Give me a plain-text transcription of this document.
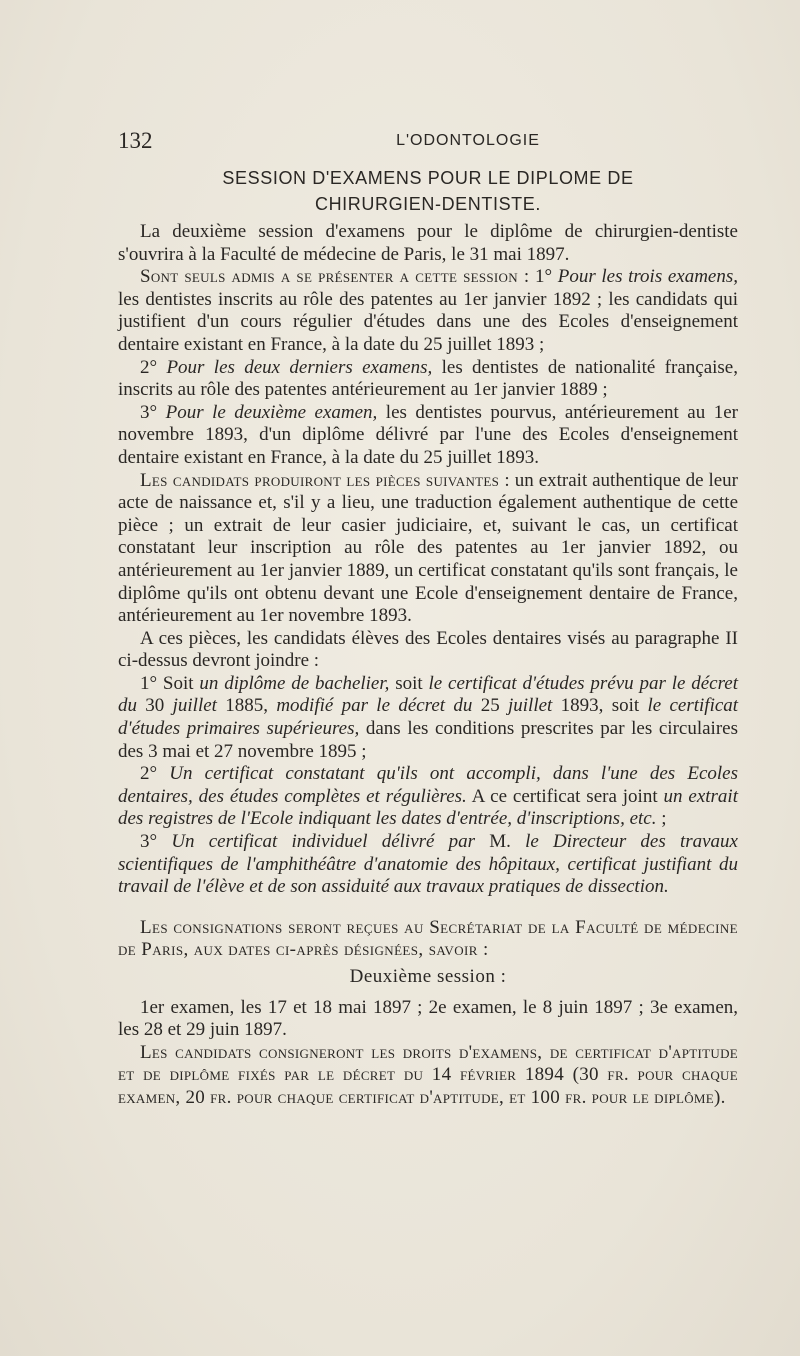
132	L'ODONTOLOGIE
SESSION D'EXAMENS POUR LE DIPLOME DE
CHIRURGIEN-DENTISTE.

La deuxième session d'examens pour le diplôme de chirurgien-dentiste s'ouvrira à la Faculté de médecine de Paris, le 31 mai 1897.

Sont seuls admis a se présenter a cette session : 1° Pour les trois examens, les dentistes inscrits au rôle des patentes au 1er janvier 1892 ; les candidats qui justifient d'un cours régulier d'études dans une des Ecoles d'enseignement dentaire existant en France, à la date du 25 juillet 1893 ;

2° Pour les deux derniers examens, les dentistes de nationalité française, inscrits au rôle des patentes antérieurement au 1er janvier 1889 ;

3° Pour le deuxième examen, les dentistes pourvus, antérieurement au 1er novembre 1893, d'un diplôme délivré par l'une des Ecoles d'enseignement dentaire existant en France, à la date du 25 juillet 1893.

Les candidats produiront les pièces suivantes : un extrait authentique de leur acte de naissance et, s'il y a lieu, une traduction également authentique de cette pièce ; un extrait de leur casier judiciaire, et, suivant le cas, un certificat constatant leur inscription au rôle des patentes au 1er janvier 1892, ou antérieurement au 1er janvier 1889, un certificat constatant qu'ils sont français, le diplôme qu'ils ont obtenu devant une Ecole d'enseignement dentaire de France, antérieurement au 1er novembre 1893.

A ces pièces, les candidats élèves des Ecoles dentaires visés au paragraphe II ci-dessus devront joindre :

1° Soit un diplôme de bachelier, soit le certificat d'études prévu par le décret du 30 juillet 1885, modifié par le décret du 25 juillet 1893, soit le certificat d'études primaires supérieures, dans les conditions prescrites par les circulaires des 3 mai et 27 novembre 1895 ;

2° Un certificat constatant qu'ils ont accompli, dans l'une des Ecoles dentaires, des études complètes et régulières. A ce certificat sera joint un extrait des registres de l'Ecole indiquant les dates d'entrée, d'inscriptions, etc. ;

3° Un certificat individuel délivré par M. le Directeur des travaux scientifiques de l'amphithéâtre d'anatomie des hôpitaux, certificat justifiant du travail de l'élève et de son assiduité aux travaux pratiques de dissection.

Les consignations seront reçues au Secrétariat de la Faculté de médecine de Paris, aux dates ci-après désignées, savoir :

Deuxième session :

1er examen, les 17 et 18 mai 1897 ; 2e examen, le 8 juin 1897 ; 3e examen, les 28 et 29 juin 1897.

Les candidats consigneront les droits d'examens, de certificat d'aptitude et de diplôme fixés par le décret du 14 février 1894 (30 fr. pour chaque examen, 20 fr. pour chaque certificat d'aptitude, et 100 fr. pour le diplôme).
